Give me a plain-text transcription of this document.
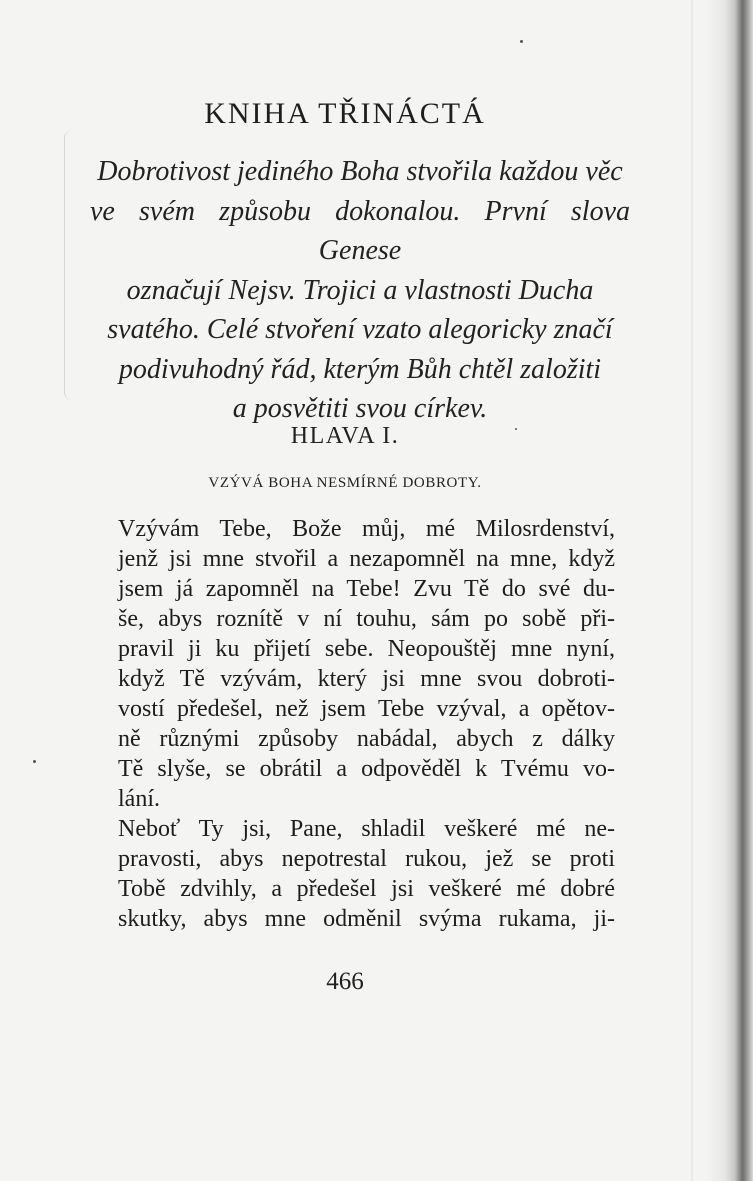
KNIHA TŘINÁCTÁ

Dobrotivost jediného Boha stvořila každou věc
ve svém způsobu dokonalou. První slova Genese
označují Nejsv. Trojici a vlastnosti Ducha
svatého. Celé stvoření vzato alegoricky značí
podivuhodný řád, kterým Bůh chtěl založiti
a posvětiti svou církev.

HLAVA I.
VZÝVÁ BOHA NESMÍRNÉ DOBROTY.

Vzývám Tebe, Bože můj, mé Milosrdenství,
jenž jsi mne stvořil a nezapomněl na mne, když
jsem já zapomněl na Tebe! Zvu Tě do své du-
še, abys roznítě v ní touhu, sám po sobě při-
pravil ji ku přijetí sebe. Neopouštěj mne nyní,
když Tě vzývám, který jsi mne svou dobroti-
vostí předešel, než jsem Tebe vzýval, a opětov-
ně různými způsoby nabádal, abych z dálky
Tě slyše, se obrátil a odpověděl k Tvému vo-
lání.

Neboť Ty jsi, Pane, shladil veškeré mé ne-
pravosti, abys nepotrestal rukou, jež se proti
Tobě zdvihly, a předešel jsi veškeré mé dobré
skutky, abys mne odměnil svýma rukama, ji-

466
